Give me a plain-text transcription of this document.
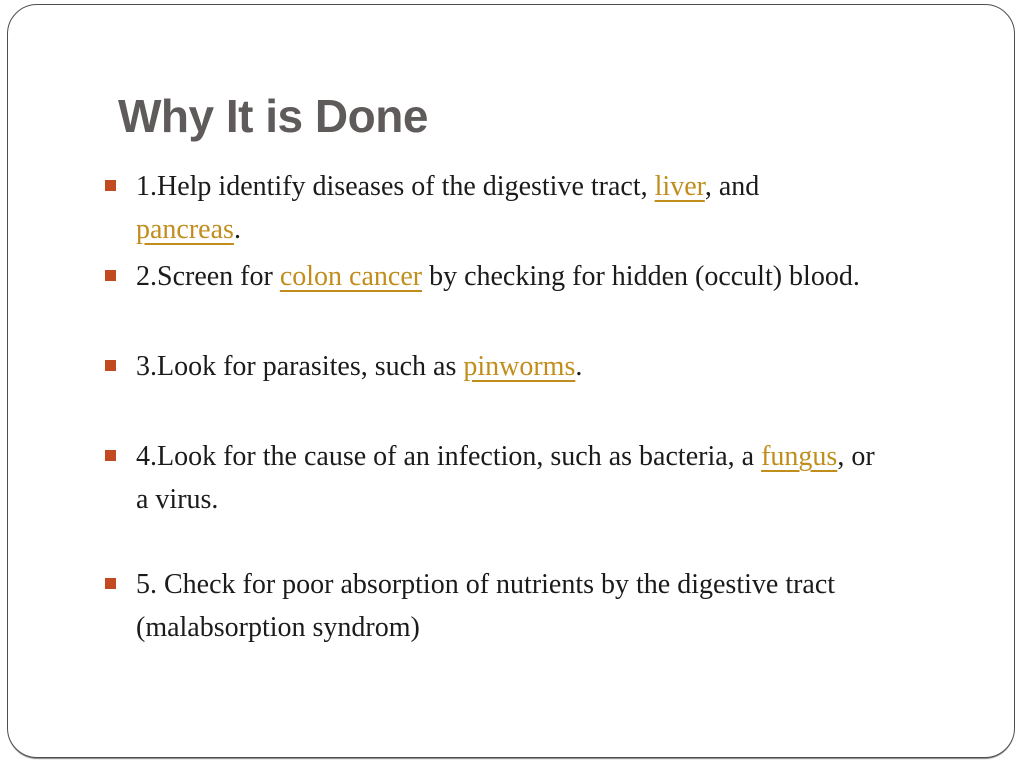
Why It is Done
1.Help identify diseases of the digestive tract, liver, and
pancreas.
2.Screen for colon cancer by checking for hidden (occult) blood.
3.Look for parasites, such as pinworms.
4.Look for the cause of an infection, such as bacteria, a fungus, or
a virus.
5. Check for poor absorption of nutrients by the digestive tract
(malabsorption syndrom)
